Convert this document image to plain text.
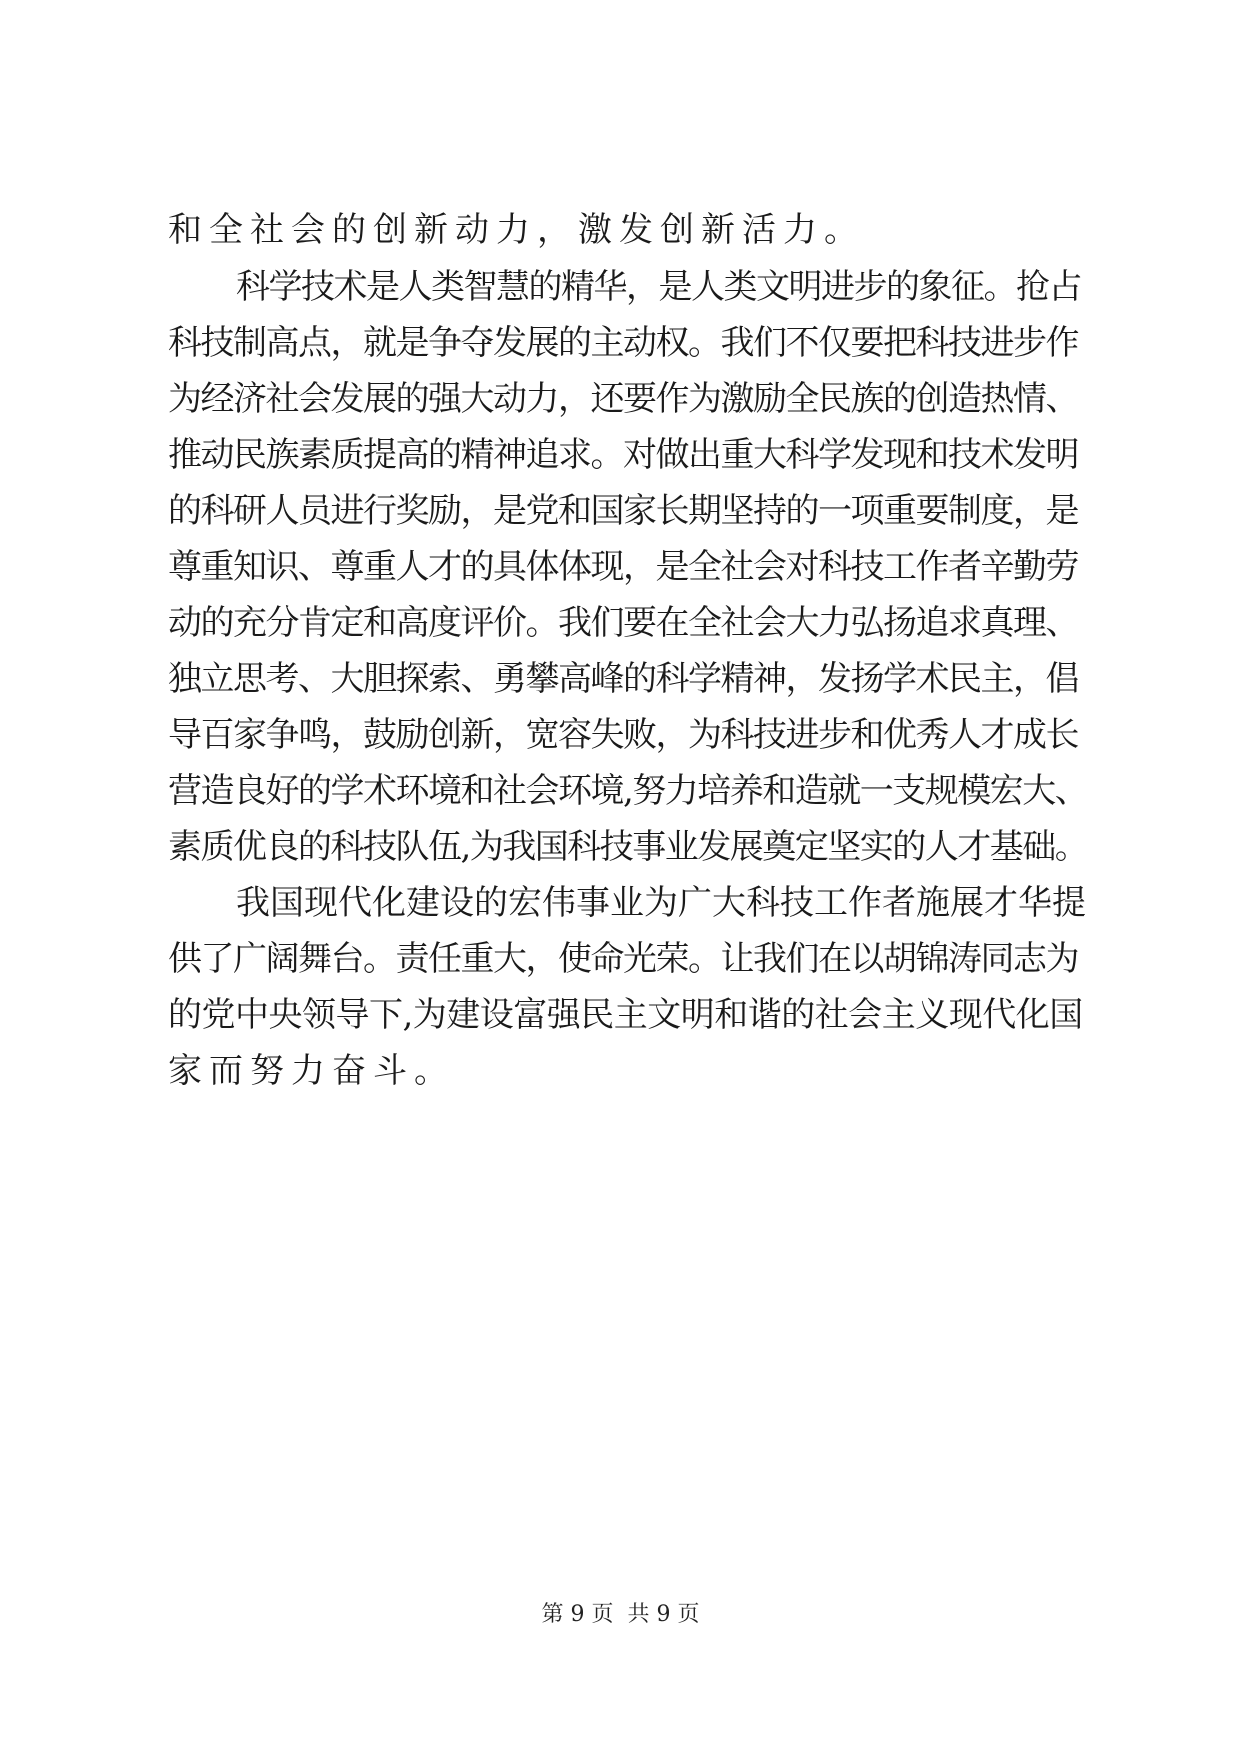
和全社会的创新动力，激发创新活力。
科学技术是人类智慧的精华，是人类文明进步的象征。抢占
科技制高点，就是争夺发展的主动权。我们不仅要把科技进步作
为经济社会发展的强大动力，还要作为激励全民族的创造热情、
推动民族素质提高的精神追求。对做出重大科学发现和技术发明
的科研人员进行奖励，是党和国家长期坚持的一项重要制度，是
尊重知识、尊重人才的具体体现，是全社会对科技工作者辛勤劳
动的充分肯定和高度评价。我们要在全社会大力弘扬追求真理、
独立思考、大胆探索、勇攀高峰的科学精神，发扬学术民主，倡
导百家争鸣，鼓励创新，宽容失败，为科技进步和优秀人才成长
营造良好的学术环境和社会环境,努力培养和造就一支规模宏大、
素质优良的科技队伍,为我国科技事业发展奠定坚实的人才基础。
我国现代化建设的宏伟事业为广大科技工作者施展才华提
供了广阔舞台。责任重大，使命光荣。让我们在以胡锦涛同志为
的党中央领导下,为建设富强民主文明和谐的社会主义现代化国
家而努力奋斗。
第 9 页 共 9 页
